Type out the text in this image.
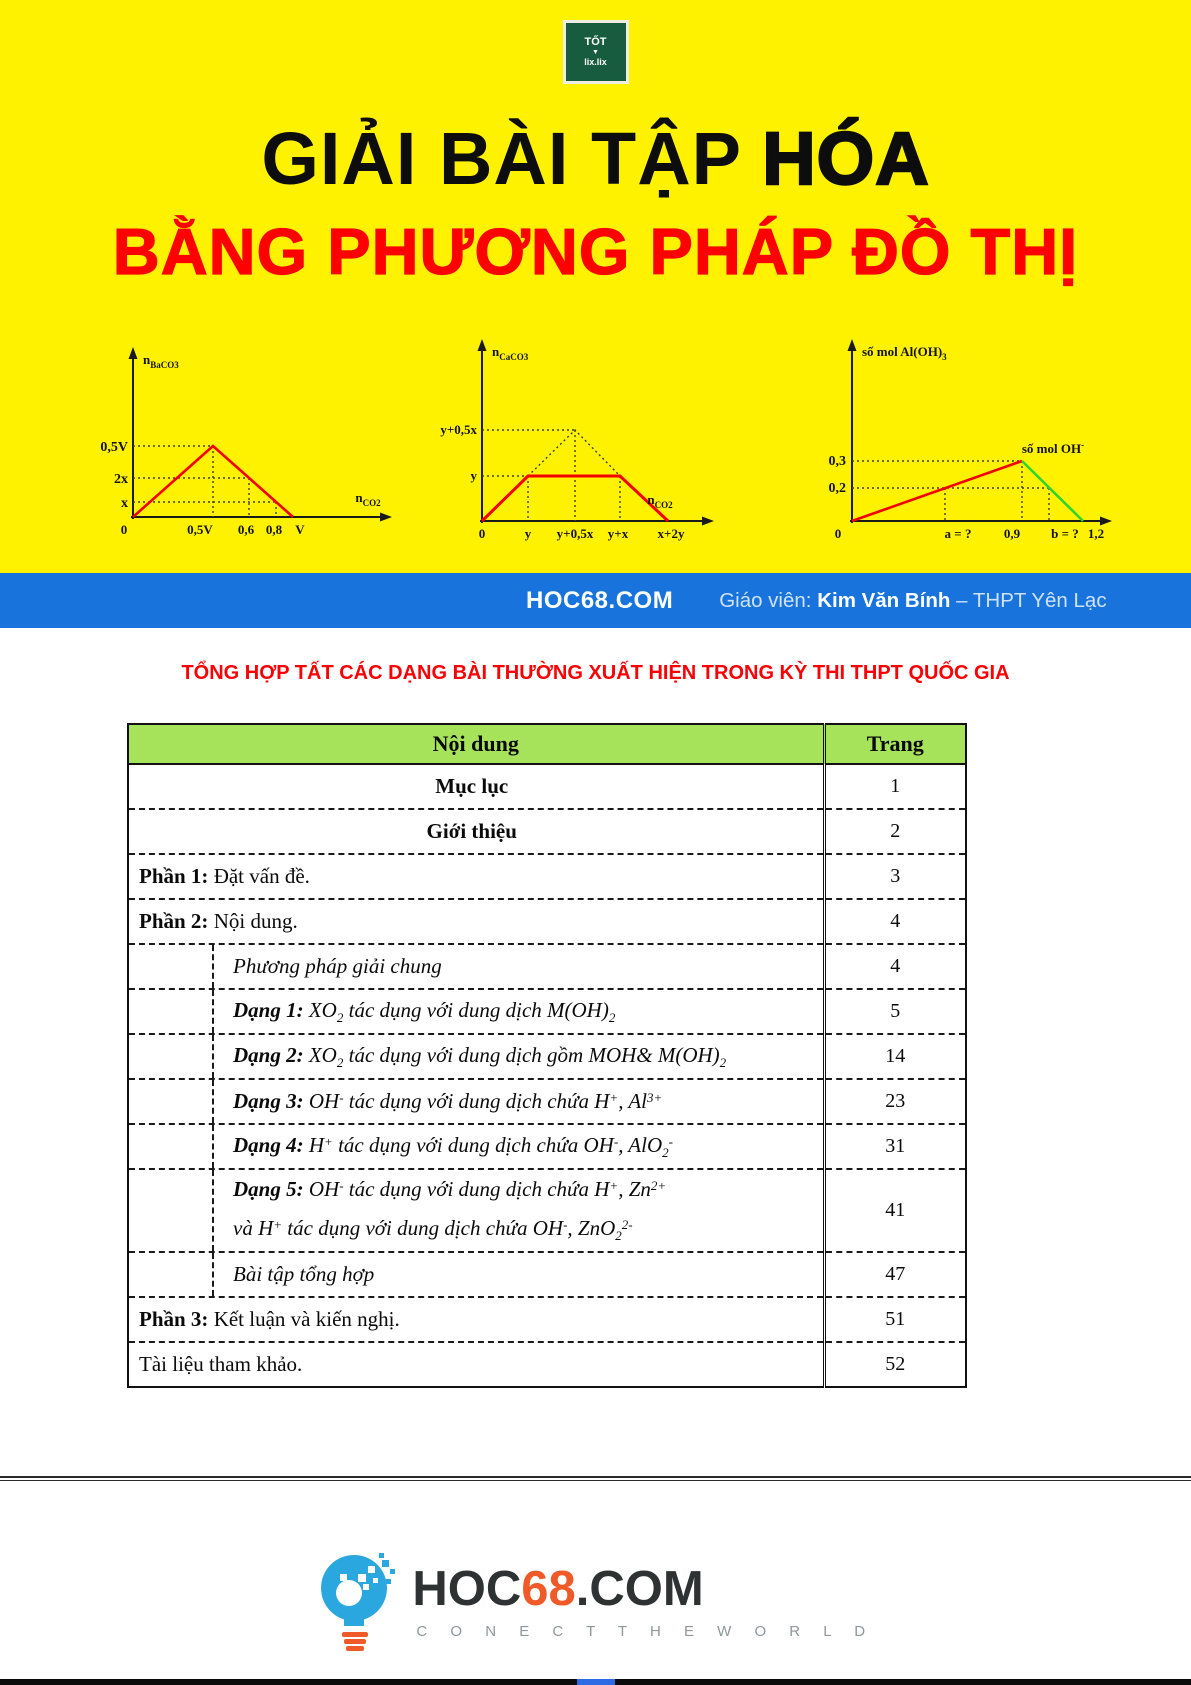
TỐT
▼
lix.lix
GIẢI BÀI TẬP HÓA
BẰNG PHƯƠNG PHÁP ĐỒ THỊ
$n_{BaCO3}$
$n_{CO2}$
0,5V
2x
x
0	0,5V 0,6 0,8 V
$n_{CaCO3}$
$n_{CO2}$
y+0,5x
y
0	y y+0,5x y+x x+2y
số mol $Al(OH)_3$
số mol OH-
0,3
0,2
0	a = ? 0,9 b = ? 1,2
HOC68.COM Giáo viên: Kim Văn Bính – THPT Yên Lạc
TỔNG HỢP TẤT CÁC DẠNG BÀI THƯỜNG XUẤT HIỆN TRONG KỲ THI THPT QUỐC GIA
Nội dung	Trang

Mục lục	1

Giới thiệu	2

Phần 1: Đặt vấn đề.	3

Phần 2: Nội dung.	4

Phương pháp giải chung	4

Dạng 1: $XO_2$ tác dụng với dung dịch $M(OH)_2$	5

Dạng 2: $XO_2$ tác dụng với dung dịch gồm MOH& $M(OH)_2$	14

Dạng 3: OH- tác dụng với dung dịch chứa H+, $Al^{3+}$	23

Dạng 4: H+ tác dụng với dung dịch chứa OH-, AlO$_2$-	31

Dạng 5: OH- tác dụng với dung dịch chứa H+, $Zn^{2+}$
và H+ tác dụng với dung dịch chứa OH-, ZnO$_2^{2-}$	41

Bài tập tổng hợp	47

Phần 3: Kết luận và kiến nghị.	51

Tài liệu tham khảo.	52
HOC68.COM
C O N E C T T H E W O R L D
